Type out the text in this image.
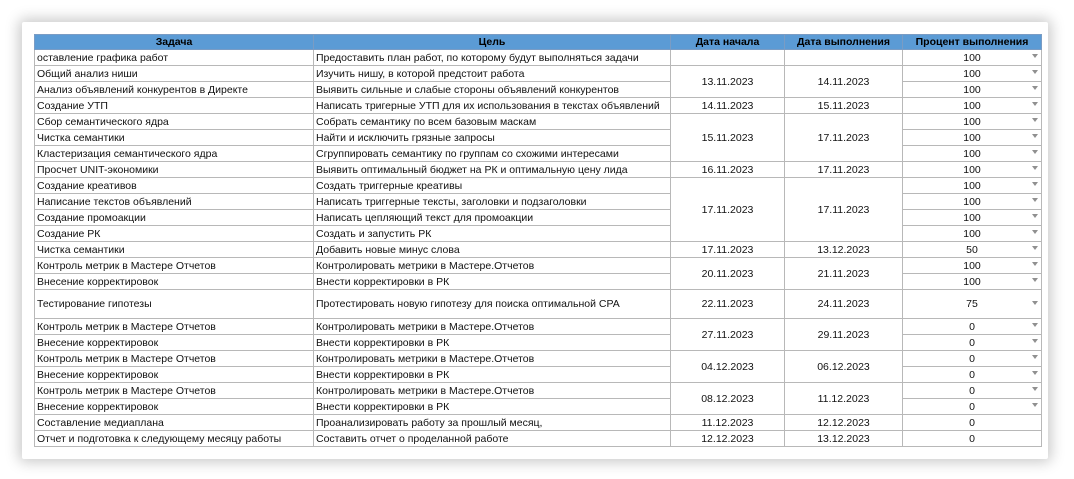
Задача	Цель	Дата начала	Дата выполнения	Процент выполнения
оставление графика работ	Предоставить план работ, по которому будут выполняться задачи			100

Общий анализ ниши	Изучить нишу, в которой предстоит работа	13.11.2023	14.11.2023	100

Анализ объявлений конкурентов в Директе	Выявить сильные и слабые стороны объявлений конкурентов			100

Создание УТП	Написать тригерные УТП для их использования в текстах объявлений	14.11.2023	15.11.2023	100

Сбор семантического ядра	Собрать семантику по всем базовым маскам	15.11.2023	17.11.2023	100

Чистка семантики	Найти и исключить грязные запросы			100

Кластеризация семантического ядра	Сгруппировать семантику по группам со схожими интересами			100

Просчет UNIT-экономики	Выявить оптимальный бюджет на РК и оптимальную цену лида	16.11.2023	17.11.2023	100

Создание креативов	Создать триггерные креативы	17.11.2023	17.11.2023	100

Написание текстов объявлений	Написать триггерные тексты, заголовки и подзаголовки			100

Создание промоакции	Написать цепляющий текст для промоакции			100

Создание РК	Создать и запустить РК			100

Чистка семантики	Добавить новые минус слова	17.11.2023	13.12.2023	50

Контроль метрик в Мастере Отчетов	Контролировать метрики в Мастере.Отчетов	20.11.2023	21.11.2023	100

Внесение корректировок	Внести корректировки в РК			100

Тестирование гипотезы	Протестировать новую гипотезу для поиска оптимальной CPA	22.11.2023	24.11.2023	75

Контроль метрик в Мастере Отчетов	Контролировать метрики в Мастере.Отчетов	27.11.2023	29.11.2023	0

Внесение корректировок	Внести корректировки в РК			0

Контроль метрик в Мастере Отчетов	Контролировать метрики в Мастере.Отчетов	04.12.2023	06.12.2023	0

Внесение корректировок	Внести корректировки в РК			0

Контроль метрик в Мастере Отчетов	Контролировать метрики в Мастере.Отчетов	08.12.2023	11.12.2023	0

Внесение корректировок	Внести корректировки в РК			0

Составление медиаплана	Проанализировать работу за прошлый месяц,	11.12.2023	12.12.2023	0
Отчет и подготовка к следующему месяцу работы	Составить отчет о проделанной работе	12.12.2023	13.12.2023	0
